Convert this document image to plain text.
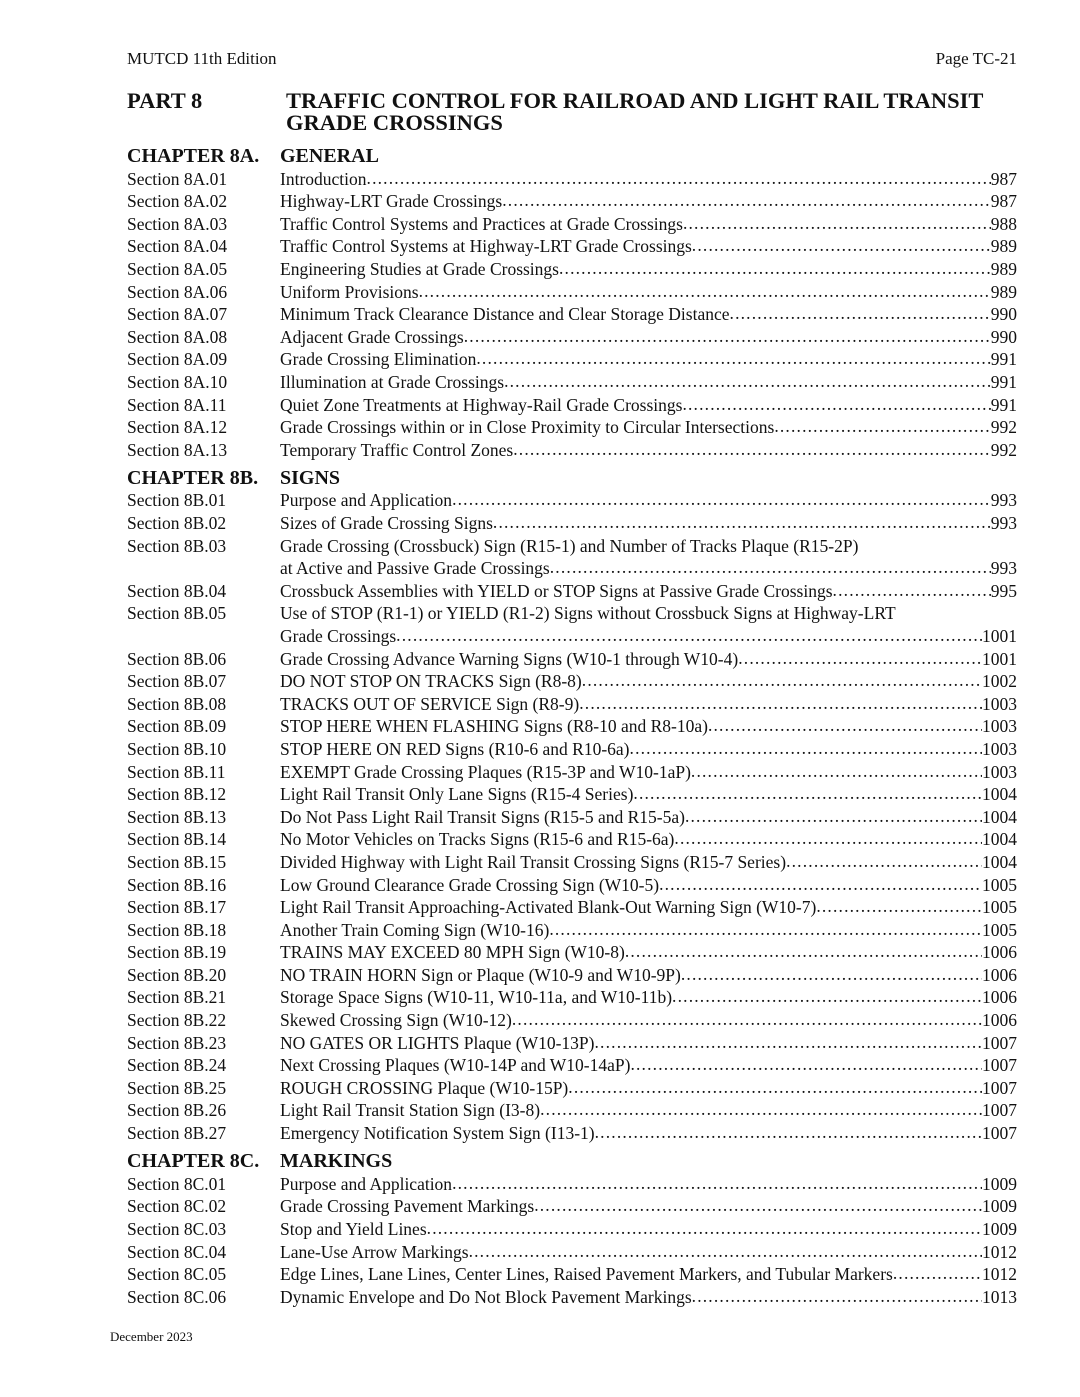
MUTCD 11th Edition	Page TC-21
PART 8	TRAFFIC CONTROL FOR RAILROAD AND LIGHT RAIL TRANSIT GRADE CROSSINGS
CHAPTER 8A. GENERAL
Section 8A.01	Introduction . . .	987
Section 8A.02	Highway-LRT Grade Crossings . . .	987
Section 8A.03	Traffic Control Systems and Practices at Grade Crossings . . .	988
Section 8A.04	Traffic Control Systems at Highway-LRT Grade Crossings . . .	989
Section 8A.05	Engineering Studies at Grade Crossings . . .	989
Section 8A.06	Uniform Provisions . . .	989
Section 8A.07	Minimum Track Clearance Distance and Clear Storage Distance . . .	990
Section 8A.08	Adjacent Grade Crossings . . .	990
Section 8A.09	Grade Crossing Elimination . . .	991
Section 8A.10	Illumination at Grade Crossings . . .	991
Section 8A.11	Quiet Zone Treatments at Highway-Rail Grade Crossings . . .	991
Section 8A.12	Grade Crossings within or in Close Proximity to Circular Intersections . . .	992
Section 8A.13	Temporary Traffic Control Zones . . .	992
CHAPTER 8B. SIGNS
Section 8B.01	Purpose and Application . . .	993
Section 8B.02	Sizes of Grade Crossing Signs . . .	993
Section 8B.03	Grade Crossing (Crossbuck) Sign (R15-1) and Number of Tracks Plaque (R15-2P)
at Active and Passive Grade Crossings . . .	993
Section 8B.04	Crossbuck Assemblies with YIELD or STOP Signs at Passive Grade Crossings . . .	995
Section 8B.05	Use of STOP (R1-1) or YIELD (R1-2) Signs without Crossbuck Signs at Highway-LRT
Grade Crossings . . .	1001
Section 8B.06	Grade Crossing Advance Warning Signs (W10-1 through W10-4) . . .	1001
Section 8B.07	DO NOT STOP ON TRACKS Sign (R8-8) . . .	1002
Section 8B.08	TRACKS OUT OF SERVICE Sign (R8-9) . . .	1003
Section 8B.09	STOP HERE WHEN FLASHING Signs (R8-10 and R8-10a) . . .	1003
Section 8B.10	STOP HERE ON RED Signs (R10-6 and R10-6a) . . .	1003
Section 8B.11	EXEMPT Grade Crossing Plaques (R15-3P and W10-1aP) . . .	1003
Section 8B.12	Light Rail Transit Only Lane Signs (R15-4 Series) . . .	1004
Section 8B.13	Do Not Pass Light Rail Transit Signs (R15-5 and R15-5a) . . .	1004
Section 8B.14	No Motor Vehicles on Tracks Signs (R15-6 and R15-6a) . . .	1004
Section 8B.15	Divided Highway with Light Rail Transit Crossing Signs (R15-7 Series) . . .	1004
Section 8B.16	Low Ground Clearance Grade Crossing Sign (W10-5) . . .	1005
Section 8B.17	Light Rail Transit Approaching-Activated Blank-Out Warning Sign (W10-7) . . .	1005
Section 8B.18	Another Train Coming Sign (W10-16) . . .	1005
Section 8B.19	TRAINS MAY EXCEED 80 MPH Sign (W10-8) . . .	1006
Section 8B.20	NO TRAIN HORN Sign or Plaque (W10-9 and W10-9P) . . .	1006
Section 8B.21	Storage Space Signs (W10-11, W10-11a, and W10-11b) . . .	1006
Section 8B.22	Skewed Crossing Sign (W10-12) . . .	1006
Section 8B.23	NO GATES OR LIGHTS Plaque (W10-13P) . . .	1007
Section 8B.24	Next Crossing Plaques (W10-14P and W10-14aP) . . .	1007
Section 8B.25	ROUGH CROSSING Plaque (W10-15P) . . .	1007
Section 8B.26	Light Rail Transit Station Sign (I3-8) . . .	1007
Section 8B.27	Emergency Notification System Sign (I13-1) . . .	1007
CHAPTER 8C. MARKINGS
Section 8C.01	Purpose and Application . . .	1009
Section 8C.02	Grade Crossing Pavement Markings . . .	1009
Section 8C.03	Stop and Yield Lines . . .	1009
Section 8C.04	Lane-Use Arrow Markings . . .	1012
Section 8C.05	Edge Lines, Lane Lines, Center Lines, Raised Pavement Markers, and Tubular Markers . . .	1012
Section 8C.06	Dynamic Envelope and Do Not Block Pavement Markings . . .	1013
December 2023
